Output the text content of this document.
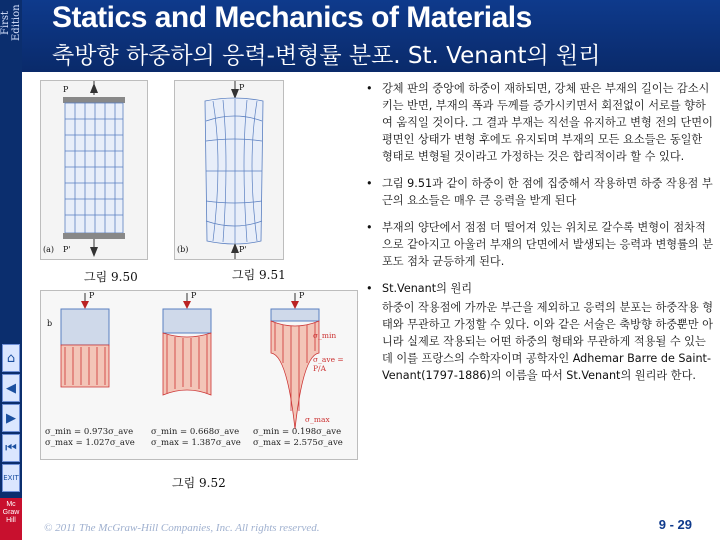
First Edition
⌂
◀
▶
⏮
EXIT
Mc Graw Hill
Statics and Mechanics of Materials
축방향 하중하의 응력-변형률 분포. St. Venant의 원리
P
P'
(a)
P
P'
(b)
그림 9.50	그림 9.51
P	P	P
b
σ_ave = P/A
σ_min
σ_max
σ_min = 0.973σ_ave
σ_max = 1.027σ_ave
σ_min = 0.668σ_ave
σ_max = 1.387σ_ave
σ_min = 0.198σ_ave
σ_max = 2.575σ_ave
그림 9.52
• 강체 판의 중앙에 하중이 재하되면, 강체 판은 부재의 길이는 감소시키는 반면, 부재의 폭과 두께를 증가시키면서 회전없이 서로를 향하여 움직일 것이다. 그 결과 부재는 직선을 유지하고 변형 전의 단면이 평면인 상태가 변형 후에도 유지되며 부재의 모든 요소들은 동일한 형태로 변형될 것이라고 가정하는 것은 합리적이라 할 수 있다.
• 그림 9.51과 같이 하중이 한 점에 집중해서 작용하면 하중 작용점 부근의 요소들은 매우 큰 응력을 받게 된다
• 부재의 양단에서 점점 더 떨어져 있는 위치로 갈수록 변형이 점차적으로 같아지고 아울러 부재의 단면에서 발생되는 응력과 변형률의 분포도 점차 균등하게 된다.
• St.Venant의 원리
하중이 작용점에 가까운 부근을 제외하고 응력의 분포는 하중작용 형태와 무관하고 가정할 수 있다. 이와 같은 서술은 축방향 하중뿐만 아니라 실제로 작용되는 어떤 하중의 형태와 무관하게 적용될 수 있는데 이를 프랑스의 수학자이며 공학자인 Adhemar Barre de Saint- Venant(1797-1886)의 이름을 따서 St.Venant의 원리라 한다.
© 2011 The McGraw-Hill Companies, Inc. All rights reserved.	9 - 29
